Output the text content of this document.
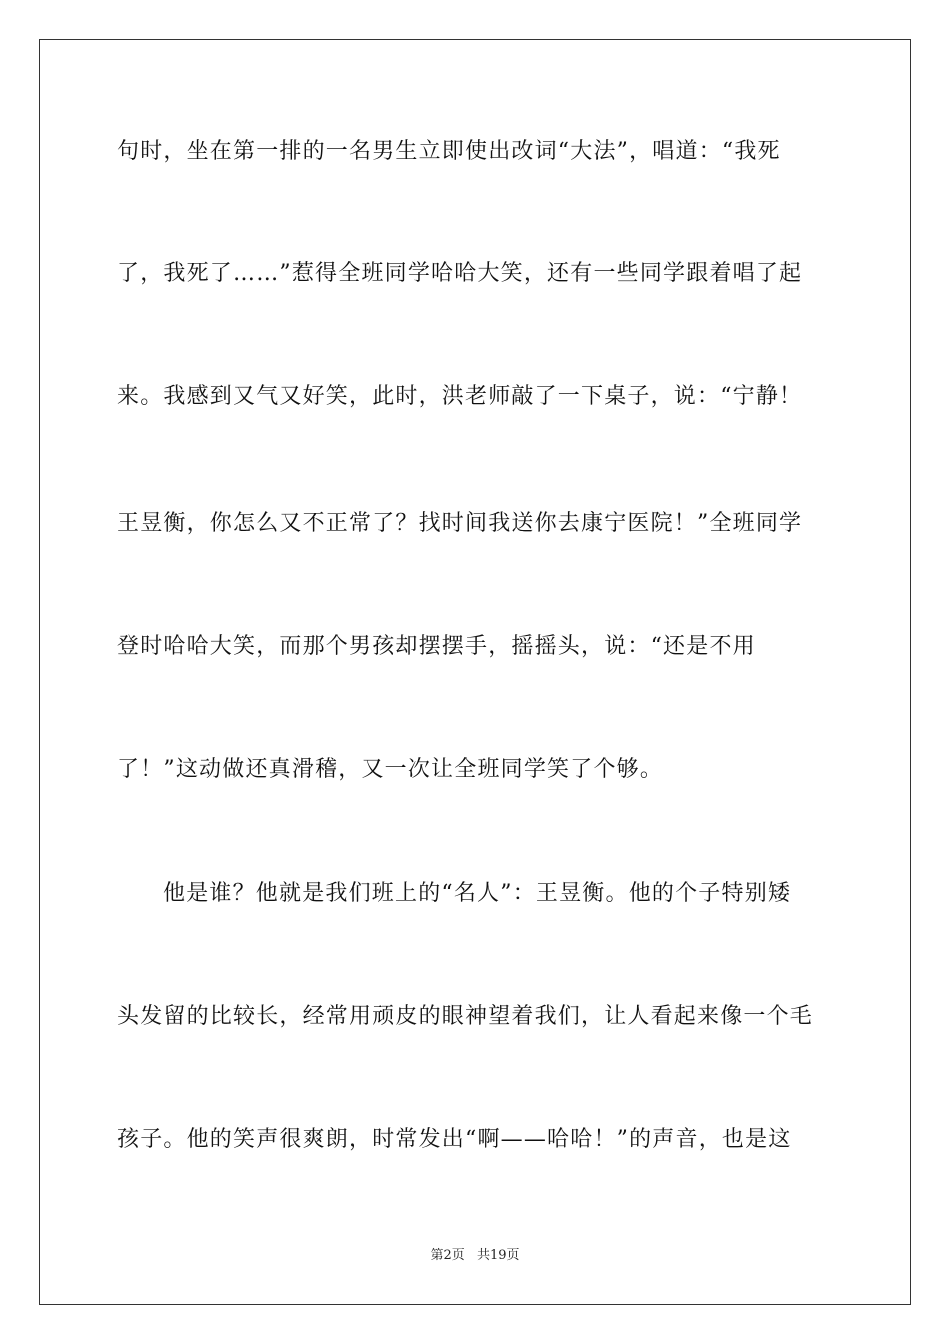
句时，坐在第一排的一名男生立即使出改词“大法”，唱道：“我死
了，我死了……”惹得全班同学哈哈大笑，还有一些同学跟着唱了起
来。我感到又气又好笑，此时，洪老师敲了一下桌子，说：“宁静！
王昱衡，你怎么又不正常了？找时间我送你去康宁医院！”全班同学
登时哈哈大笑，而那个男孩却摆摆手，摇摇头，说：“还是不用
了！”这动做还真滑稽，又一次让全班同学笑了个够。
他是谁？他就是我们班上的“名人”：王昱衡。他的个子特别矮
头发留的比较长，经常用顽皮的眼神望着我们，让人看起来像一个毛
孩子。他的笑声很爽朗，时常发出“啊——哈哈！”的声音，也是这
第2页 共19页
